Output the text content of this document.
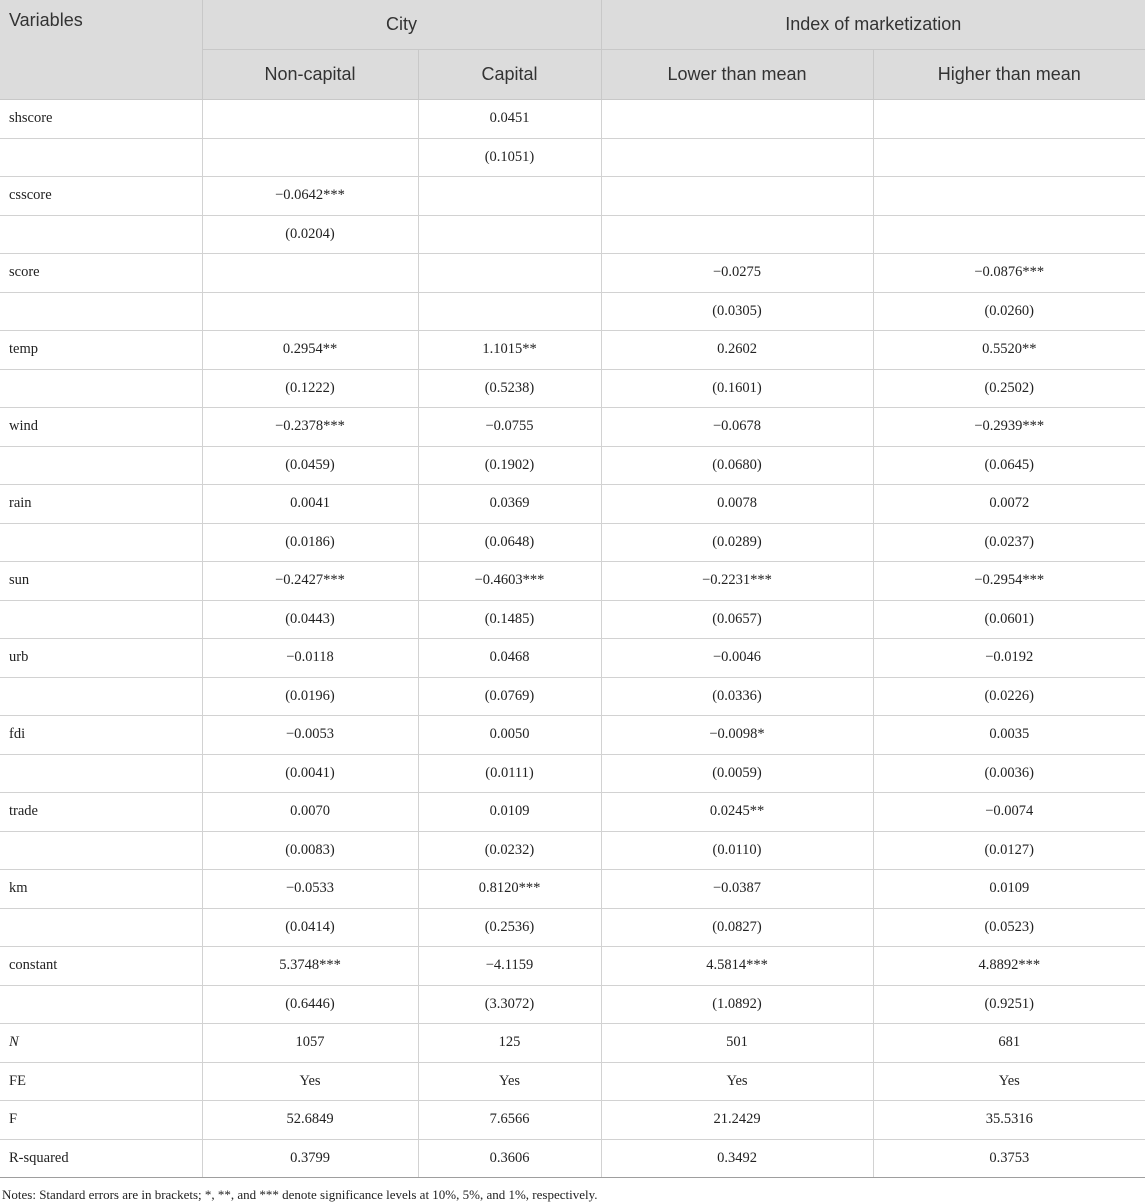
Variables	City		Index of marketization	
	Non-capital	Capital	Lower than mean	Higher than mean
shscore		0.0451		
		(0.1051)		
csscore	−0.0642***			
	(0.0204)			
score			−0.0275	−0.0876***
			(0.0305)	(0.0260)
temp	0.2954**	1.1015**	0.2602	0.5520**
	(0.1222)	(0.5238)	(0.1601)	(0.2502)
wind	−0.2378***	−0.0755	−0.0678	−0.2939***
	(0.0459)	(0.1902)	(0.0680)	(0.0645)
rain	0.0041	0.0369	0.0078	0.0072
	(0.0186)	(0.0648)	(0.0289)	(0.0237)
sun	−0.2427***	−0.4603***	−0.2231***	−0.2954***
	(0.0443)	(0.1485)	(0.0657)	(0.0601)
urb	−0.0118	0.0468	−0.0046	−0.0192
	(0.0196)	(0.0769)	(0.0336)	(0.0226)
fdi	−0.0053	0.0050	−0.0098*	0.0035
	(0.0041)	(0.0111)	(0.0059)	(0.0036)
trade	0.0070	0.0109	0.0245**	−0.0074
	(0.0083)	(0.0232)	(0.0110)	(0.0127)
km	−0.0533	0.8120***	−0.0387	0.0109
	(0.0414)	(0.2536)	(0.0827)	(0.0523)
constant	5.3748***	−4.1159	4.5814***	4.8892***
	(0.6446)	(3.3072)	(1.0892)	(0.9251)
N	1057	125	501	681
FE	Yes	Yes	Yes	Yes
F	52.6849	7.6566	21.2429	35.5316
R-squared	0.3799	0.3606	0.3492	0.3753
Notes: Standard errors are in brackets; *, **, and *** denote significance levels at 10%, 5%, and 1%, respectively.
